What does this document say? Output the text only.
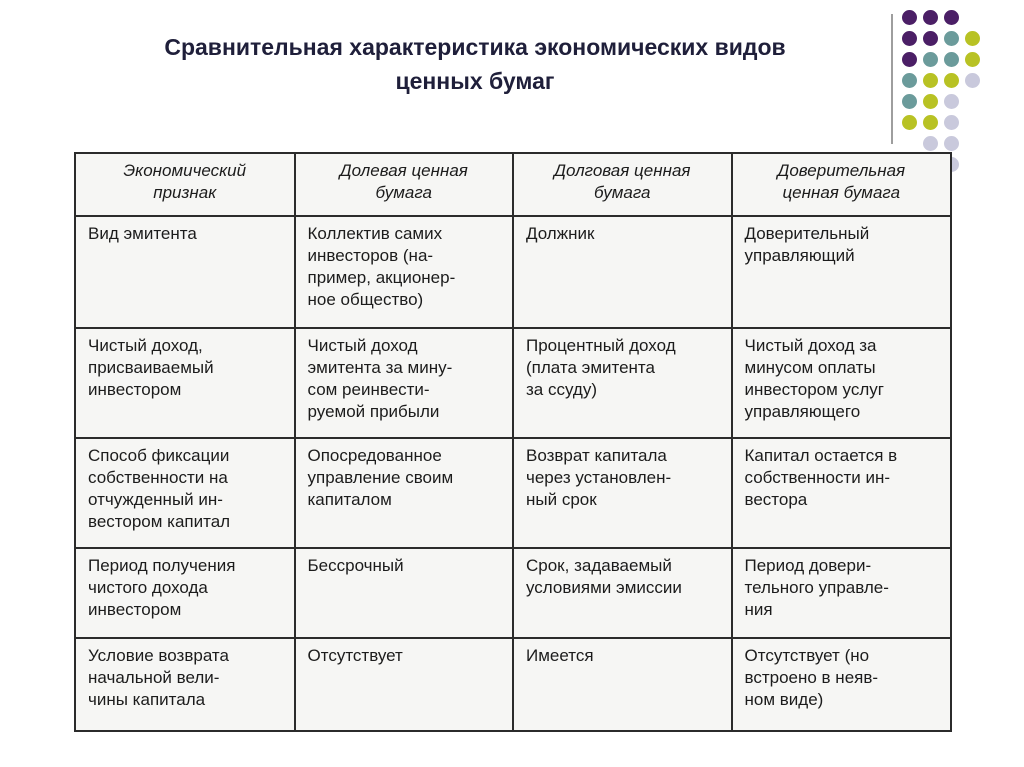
Сравнительная характеристика экономических видов
ценных бумаг
Экономический
признак	Долевая ценная
бумага	Долговая ценная
бумага	Доверительная
ценная бумага

Вид эмитента	Коллектив самих
инвесторов (на-
пример, акционер-
ное общество)	Должник	Доверительный
управляющий

Чистый доход,
присваиваемый
инвестором	Чистый доход
эмитента за мину-
сом реинвести-
руемой прибыли	Процентный доход
(плата эмитента
за ссуду)	Чистый доход за
минусом оплаты
инвестором услуг
управляющего

Способ фиксации
собственности на
отчужденный ин-
вестором капитал	Опосредованное
управление своим
капиталом	Возврат капитала
через установлен-
ный срок	Капитал остается в
собственности ин-
вестора

Период получения
чистого дохода
инвестором	Бессрочный	Срок, задаваемый
условиями эмиссии	Период довери-
тельного управле-
ния

Условие возврата
начальной вели-
чины капитала	Отсутствует	Имеется	Отсутствует (но
встроено в неяв-
ном виде)
